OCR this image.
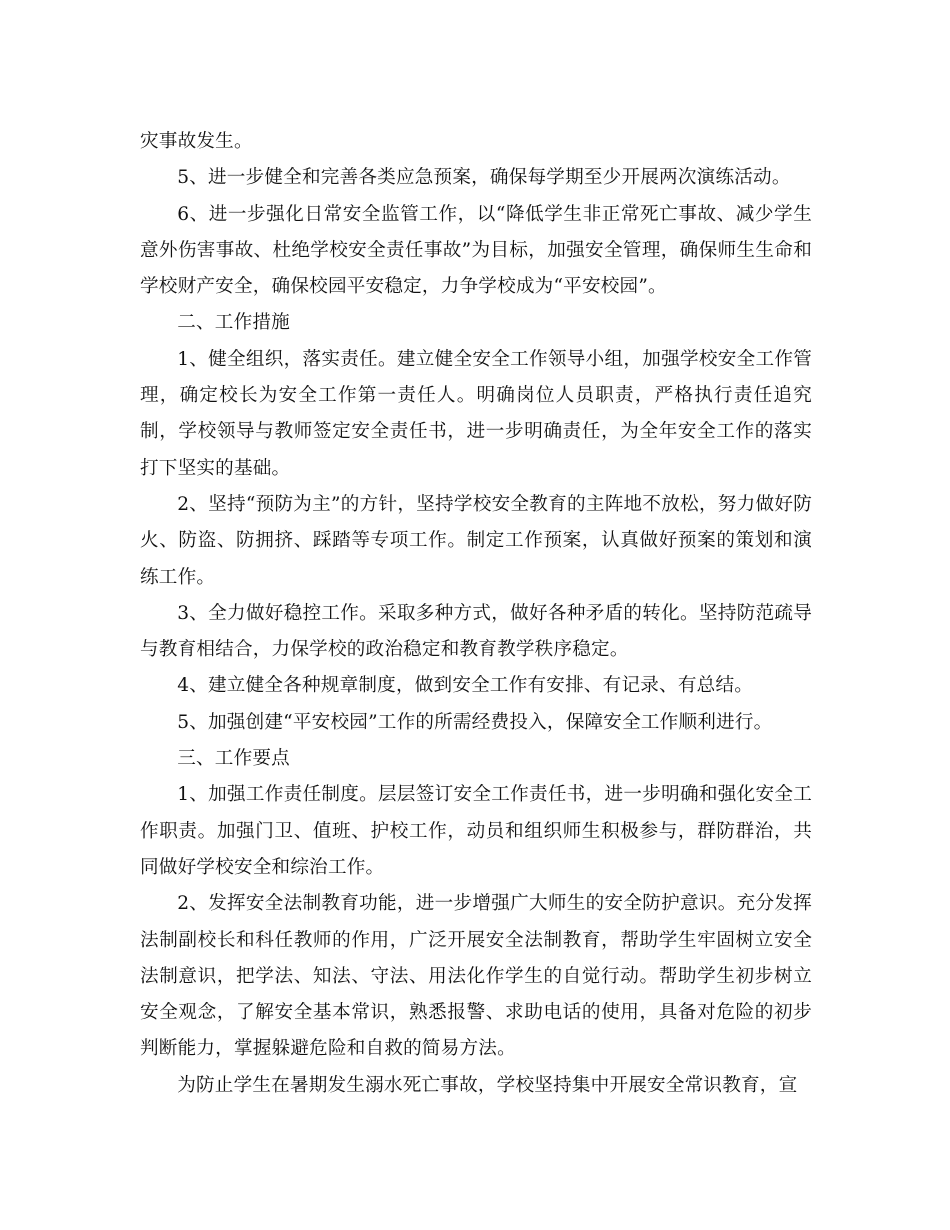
灾事故发生。

5、进一步健全和完善各类应急预案，确保每学期至少开展两次演练活动。

6、进一步强化日常安全监管工作，以“降低学生非正常死亡事故、减少学生意外伤害事故、杜绝学校安全责任事故”为目标，加强安全管理，确保师生生命和学校财产安全，确保校园平安稳定，力争学校成为“平安校园”。

二、工作措施

1、健全组织，落实责任。建立健全安全工作领导小组，加强学校安全工作管理，确定校长为安全工作第一责任人。明确岗位人员职责，严格执行责任追究制，学校领导与教师签定安全责任书，进一步明确责任，为全年安全工作的落实打下坚实的基础。

2、坚持“预防为主”的方针，坚持学校安全教育的主阵地不放松，努力做好防火、防盗、防拥挤、踩踏等专项工作。制定工作预案，认真做好预案的策划和演练工作。

3、全力做好稳控工作。采取多种方式，做好各种矛盾的转化。坚持防范疏导与教育相结合，力保学校的政治稳定和教育教学秩序稳定。

4、建立健全各种规章制度，做到安全工作有安排、有记录、有总结。

5、加强创建“平安校园”工作的所需经费投入，保障安全工作顺利进行。

三、工作要点

1、加强工作责任制度。层层签订安全工作责任书，进一步明确和强化安全工作职责。加强门卫、值班、护校工作，动员和组织师生积极参与，群防群治，共同做好学校安全和综治工作。

2、发挥安全法制教育功能，进一步增强广大师生的安全防护意识。充分发挥法制副校长和科任教师的作用，广泛开展安全法制教育，帮助学生牢固树立安全法制意识，把学法、知法、守法、用法化作学生的自觉行动。帮助学生初步树立安全观念，了解安全基本常识，熟悉报警、求助电话的使用，具备对危险的初步判断能力，掌握躲避危险和自救的简易方法。

为防止学生在暑期发生溺水死亡事故，学校坚持集中开展安全常识教育，宣
